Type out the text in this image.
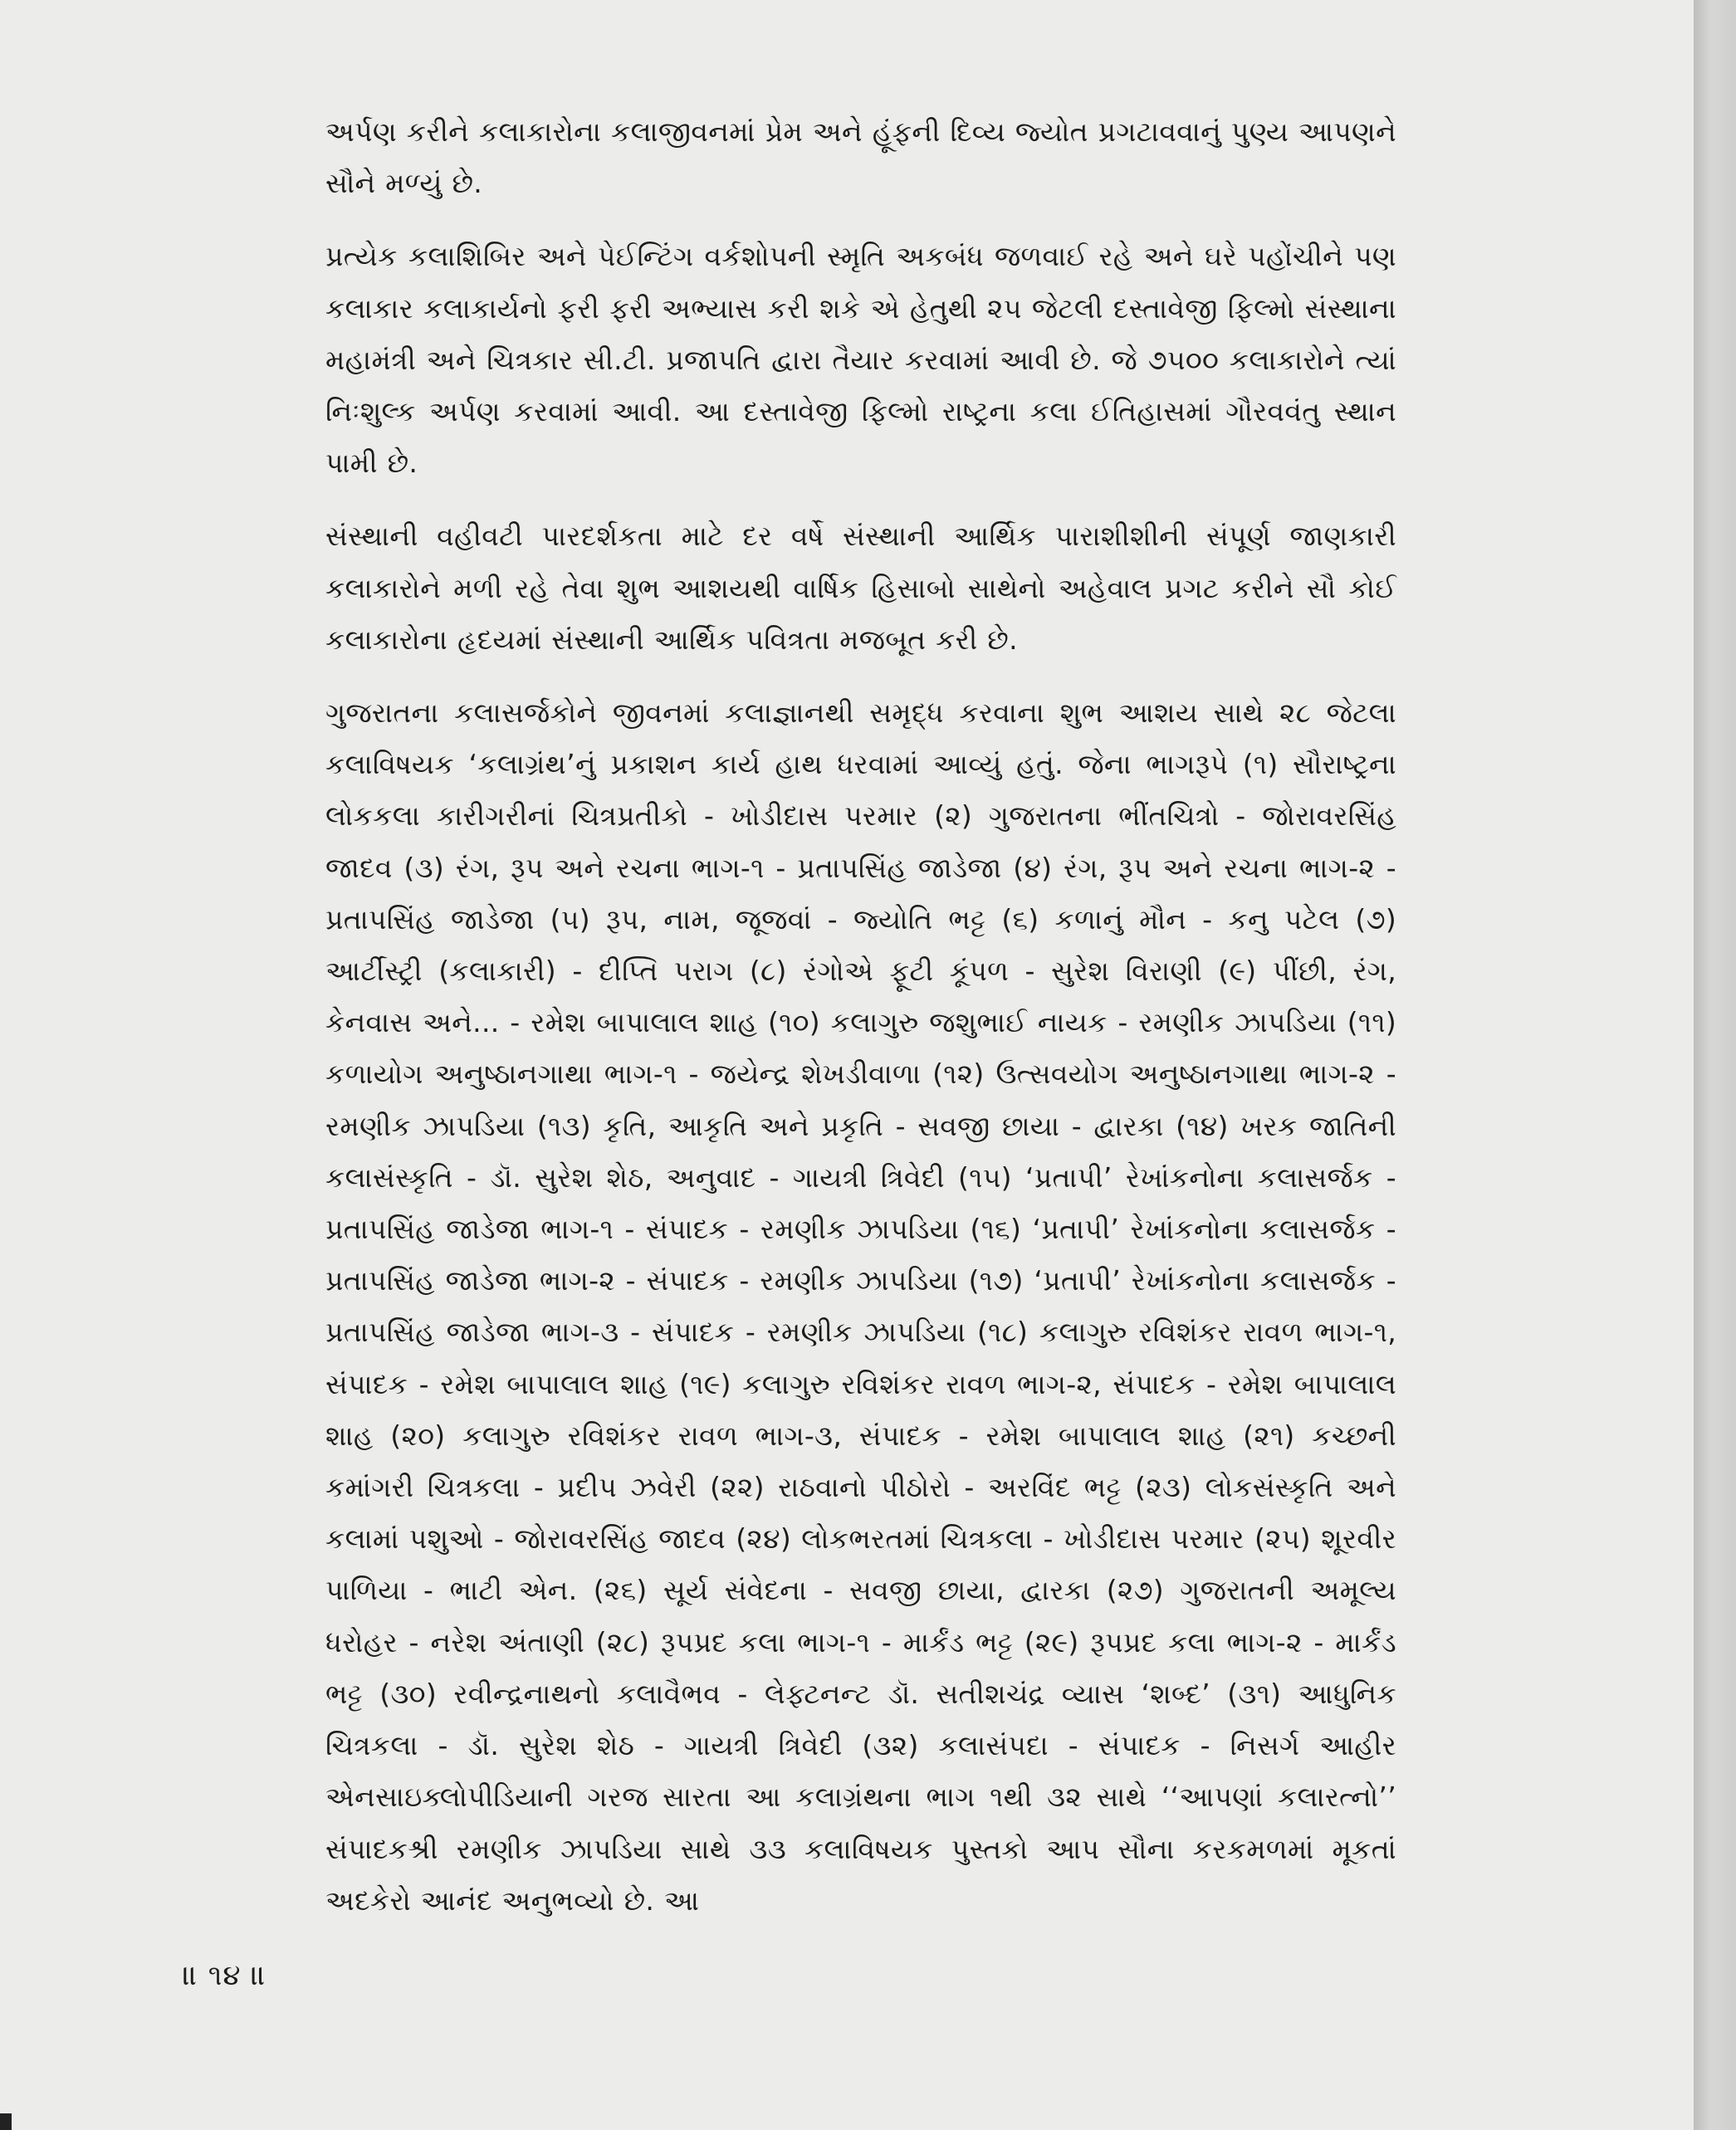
અર્પણ કરીને કલાકારોના કલાજીવનમાં પ્રેમ અને હૂંફની દિવ્ય જ્યોત પ્રગટાવવાનું પુણ્ય આપણને સૌને મળ્યું છે.

પ્રત્યેક કલાશિબિર અને પેઈન્ટિંગ વર્કશોપની સ્મૃતિ અકબંધ જળવાઈ રહે અને ઘરે પહોંચીને પણ કલાકાર કલાકાર્યનો ફરી ફરી અભ્યાસ કરી શકે એ હેતુથી ૨૫ જેટલી દસ્તાવેજી ફિલ્મો સંસ્થાના મહામંત્રી અને ચિત્રકાર સી.ટી. પ્રજાપતિ દ્વારા તૈયાર કરવામાં આવી છે. જે ૭૫૦૦ કલાકારોને ત્યાં નિઃશુલ્ક અર્પણ કરવામાં આવી. આ દસ્તાવેજી ફિલ્મો રાષ્ટ્રના કલા ઈતિહાસમાં ગૌરવવંતુ સ્થાન પામી છે.

સંસ્થાની વહીવટી પારદર્શકતા માટે દર વર્ષે સંસ્થાની આર્થિક પારાશીશીની સંપૂર્ણ જાણકારી કલાકારોને મળી રહે તેવા શુભ આશયથી વાર્ષિક હિસાબો સાથેનો અહેવાલ પ્રગટ કરીને સૌ કોઈ કલાકારોના હૃદયમાં સંસ્થાની આર્થિક પવિત્રતા મજબૂત કરી છે.

ગુજરાતના કલાસર્જકોને જીવનમાં કલાજ્ઞાનથી સમૃદ્ધ કરવાના શુભ આશય સાથે ૨૮ જેટલા કલાવિષયક ‘કલાગ્રંથ’નું પ્રકાશન કાર્ય હાથ ધરવામાં આવ્યું હતું. જેના ભાગરૂપે (૧) સૌરાષ્ટ્રના લોકકલા કારીગરીનાં ચિત્રપ્રતીકો - ખોડીદાસ પરમાર (૨) ગુજરાતના ભીંતચિત્રો - જોરાવરસિંહ જાદવ (૩) રંગ, રૂપ અને રચના ભાગ-૧ - પ્રતાપસિંહ જાડેજા (૪) રંગ, રૂપ અને રચના ભાગ-૨ - પ્રતાપસિંહ જાડેજા (૫) રૂપ, નામ, જૂજવાં - જ્યોતિ ભટ્ટ (૬) કળાનું મૌન - કનુ પટેલ (૭) આર્ટીસ્ટ્રી (કલાકારી) - દીપ્તિ પરાગ (૮) રંગોએ ફૂટી કૂંપળ - સુરેશ વિરાણી (૯) પીંછી, રંગ, કેનવાસ અને... - રમેશ બાપાલાલ શાહ (૧૦) કલાગુરુ જશુભાઈ નાયક - રમણીક ઝાપડિયા (૧૧) કળાયોગ અનુષ્ઠાનગાથા ભાગ-૧ - જયેન્દ્ર શેખડીવાળા (૧૨) ઉત્સવયોગ અનુષ્ઠાનગાથા ભાગ-૨ - રમણીક ઝાપડિયા (૧૩) કૃતિ, આકૃતિ અને પ્રકૃતિ - સવજી છાયા - દ્વારકા (૧૪) ખરક જાતિની કલાસંસ્કૃતિ - ડૉ. સુરેશ શેઠ, અનુવાદ - ગાયત્રી ત્રિવેદી (૧૫) ‘પ્રતાપી’ રેખાંકનોના કલાસર્જક - પ્રતાપસિંહ જાડેજા ભાગ-૧ - સંપાદક - રમણીક ઝાપડિયા (૧૬) ‘પ્રતાપી’ રેખાંકનોના કલાસર્જક - પ્રતાપસિંહ જાડેજા ભાગ-૨ - સંપાદક - રમણીક ઝાપડિયા (૧૭) ‘પ્રતાપી’ રેખાંકનોના કલાસર્જક - પ્રતાપસિંહ જાડેજા ભાગ-૩ - સંપાદક - રમણીક ઝાપડિયા (૧૮) કલાગુરુ રવિશંકર રાવળ ભાગ-૧, સંપાદક - રમેશ બાપાલાલ શાહ (૧૯) કલાગુરુ રવિશંકર રાવળ ભાગ-૨, સંપાદક - રમેશ બાપાલાલ શાહ (૨૦) કલાગુરુ રવિશંકર રાવળ ભાગ-૩, સંપાદક - રમેશ બાપાલાલ શાહ (૨૧) કચ્છની કમાંગરી ચિત્રકલા - પ્રદીપ ઝવેરી (૨૨) રાઠવાનો પીઠોરો - અરવિંદ ભટ્ટ (૨૩) લોકસંસ્કૃતિ અને કલામાં પશુઓ - જોરાવરસિંહ જાદવ (૨૪) લોકભરતમાં ચિત્રકલા - ખોડીદાસ પરમાર (૨૫) શૂરવીર પાળિયા - ભાટી એન. (૨૬) સૂર્ય સંવેદના - સવજી છાયા, દ્વારકા (૨૭) ગુજરાતની અમૂલ્ય ધરોહર - નરેશ અંતાણી (૨૮) રૂપપ્રદ કલા ભાગ-૧ - માર્કંડ ભટ્ટ (૨૯) રૂપપ્રદ કલા ભાગ-૨ - માર્કંડ ભટ્ટ (૩૦) રવીન્દ્રનાથનો કલાવૈભવ - લેફ્ટનન્ટ ડૉ. સતીશચંદ્ર વ્યાસ ‘શબ્દ’ (૩૧) આધુનિક ચિત્રકલા - ડૉ. સુરેશ શેઠ - ગાયત્રી ત્રિવેદી (૩૨) કલાસંપદા - સંપાદક - નિસર્ગ આહીર એનસાઇક્લોપીડિયાની ગરજ સારતા આ કલાગ્રંથના ભાગ ૧થી ૩૨ સાથે ‘‘આપણાં કલારત્નો’’ સંપાદકશ્રી રમણીક ઝાપડિયા સાથે ૩૩ કલાવિષયક પુસ્તકો આપ સૌના કરકમળમાં મૂકતાં અદકેરો આનંદ અનુભવ્યો છે. આ

॥ ૧૪ ॥
